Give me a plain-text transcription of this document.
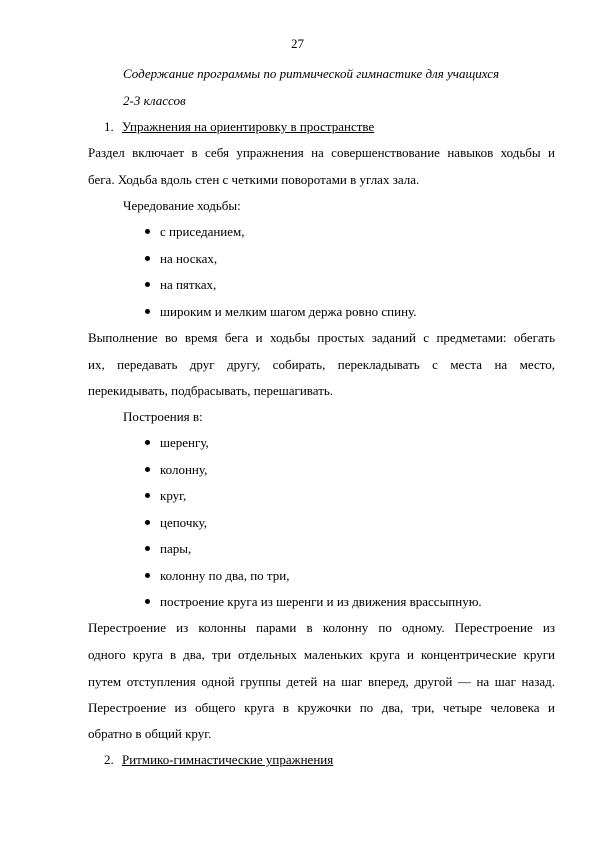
27
Содержание программы по ритмической гимнастике для учащихся
2-3 классов
1. Упражнения на ориентировку в пространстве
Раздел включает в себя упражнения на совершенствование навыков ходьбы и
бега. Ходьба вдоль стен с четкими поворотами в углах зала.
Чередование ходьбы:
с приседанием,
на носках,
на пятках,
широким и мелким шагом держа ровно спину.
Выполнение во время бега и ходьбы простых заданий с предметами: обегать
их, передавать друг другу, собирать, перекладывать с места на место,
перекидывать, подбрасывать, перешагивать.
Построения в:
шеренгу,
колонну,
круг,
цепочку,
пары,
колонну по два, по три,
построение круга из шеренги и из движения врассыпную.
Перестроение из колонны парами в колонну по одному. Перестроение из
одного круга в два, три отдельных маленьких круга и концентрические круги
путем отступления одной группы детей на шаг вперед, другой — на шаг назад.
Перестроение из общего круга в кружочки по два, три, четыре человека и
обратно в общий круг.
2. Ритмико-гимнастические упражнения
